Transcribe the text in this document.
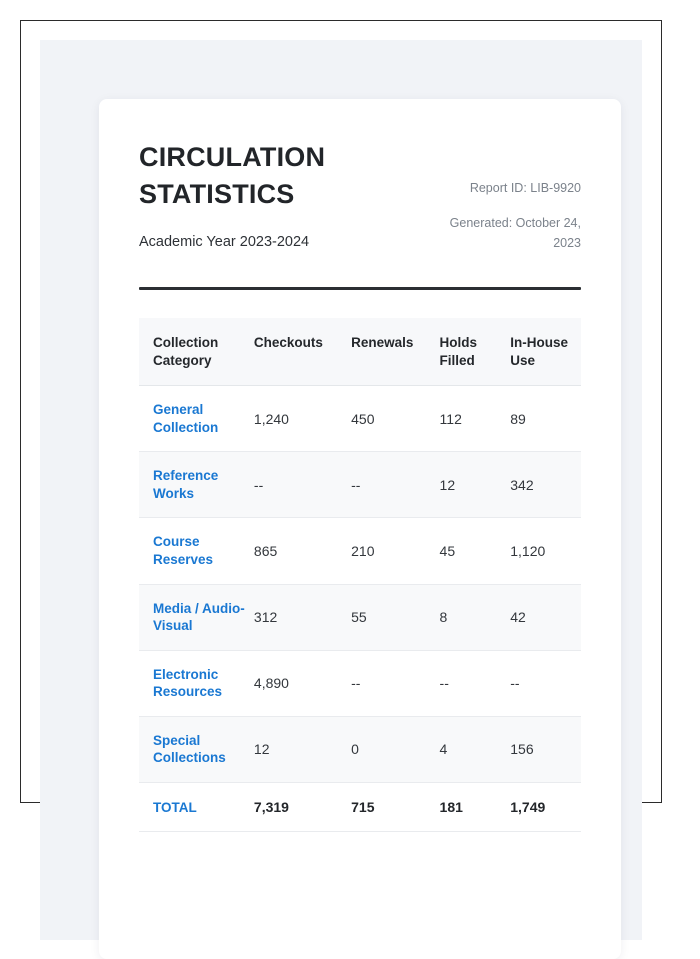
CIRCULATION STATISTICS
Academic Year 2023-2024
Report ID: LIB-9920
Generated: October 24, 2023
Collection Category	Checkouts	Renewals	Holds Filled	In-House Use
General Collection	1,240	450	112	89
Reference Works	--	--	12	342
Course Reserves	865	210	45	1,120
Media / Audio-Visual	312	55	8	42
Electronic Resources	4,890	--	--	--
Special Collections	12	0	4	156
TOTAL	7,319	715	181	1,749
